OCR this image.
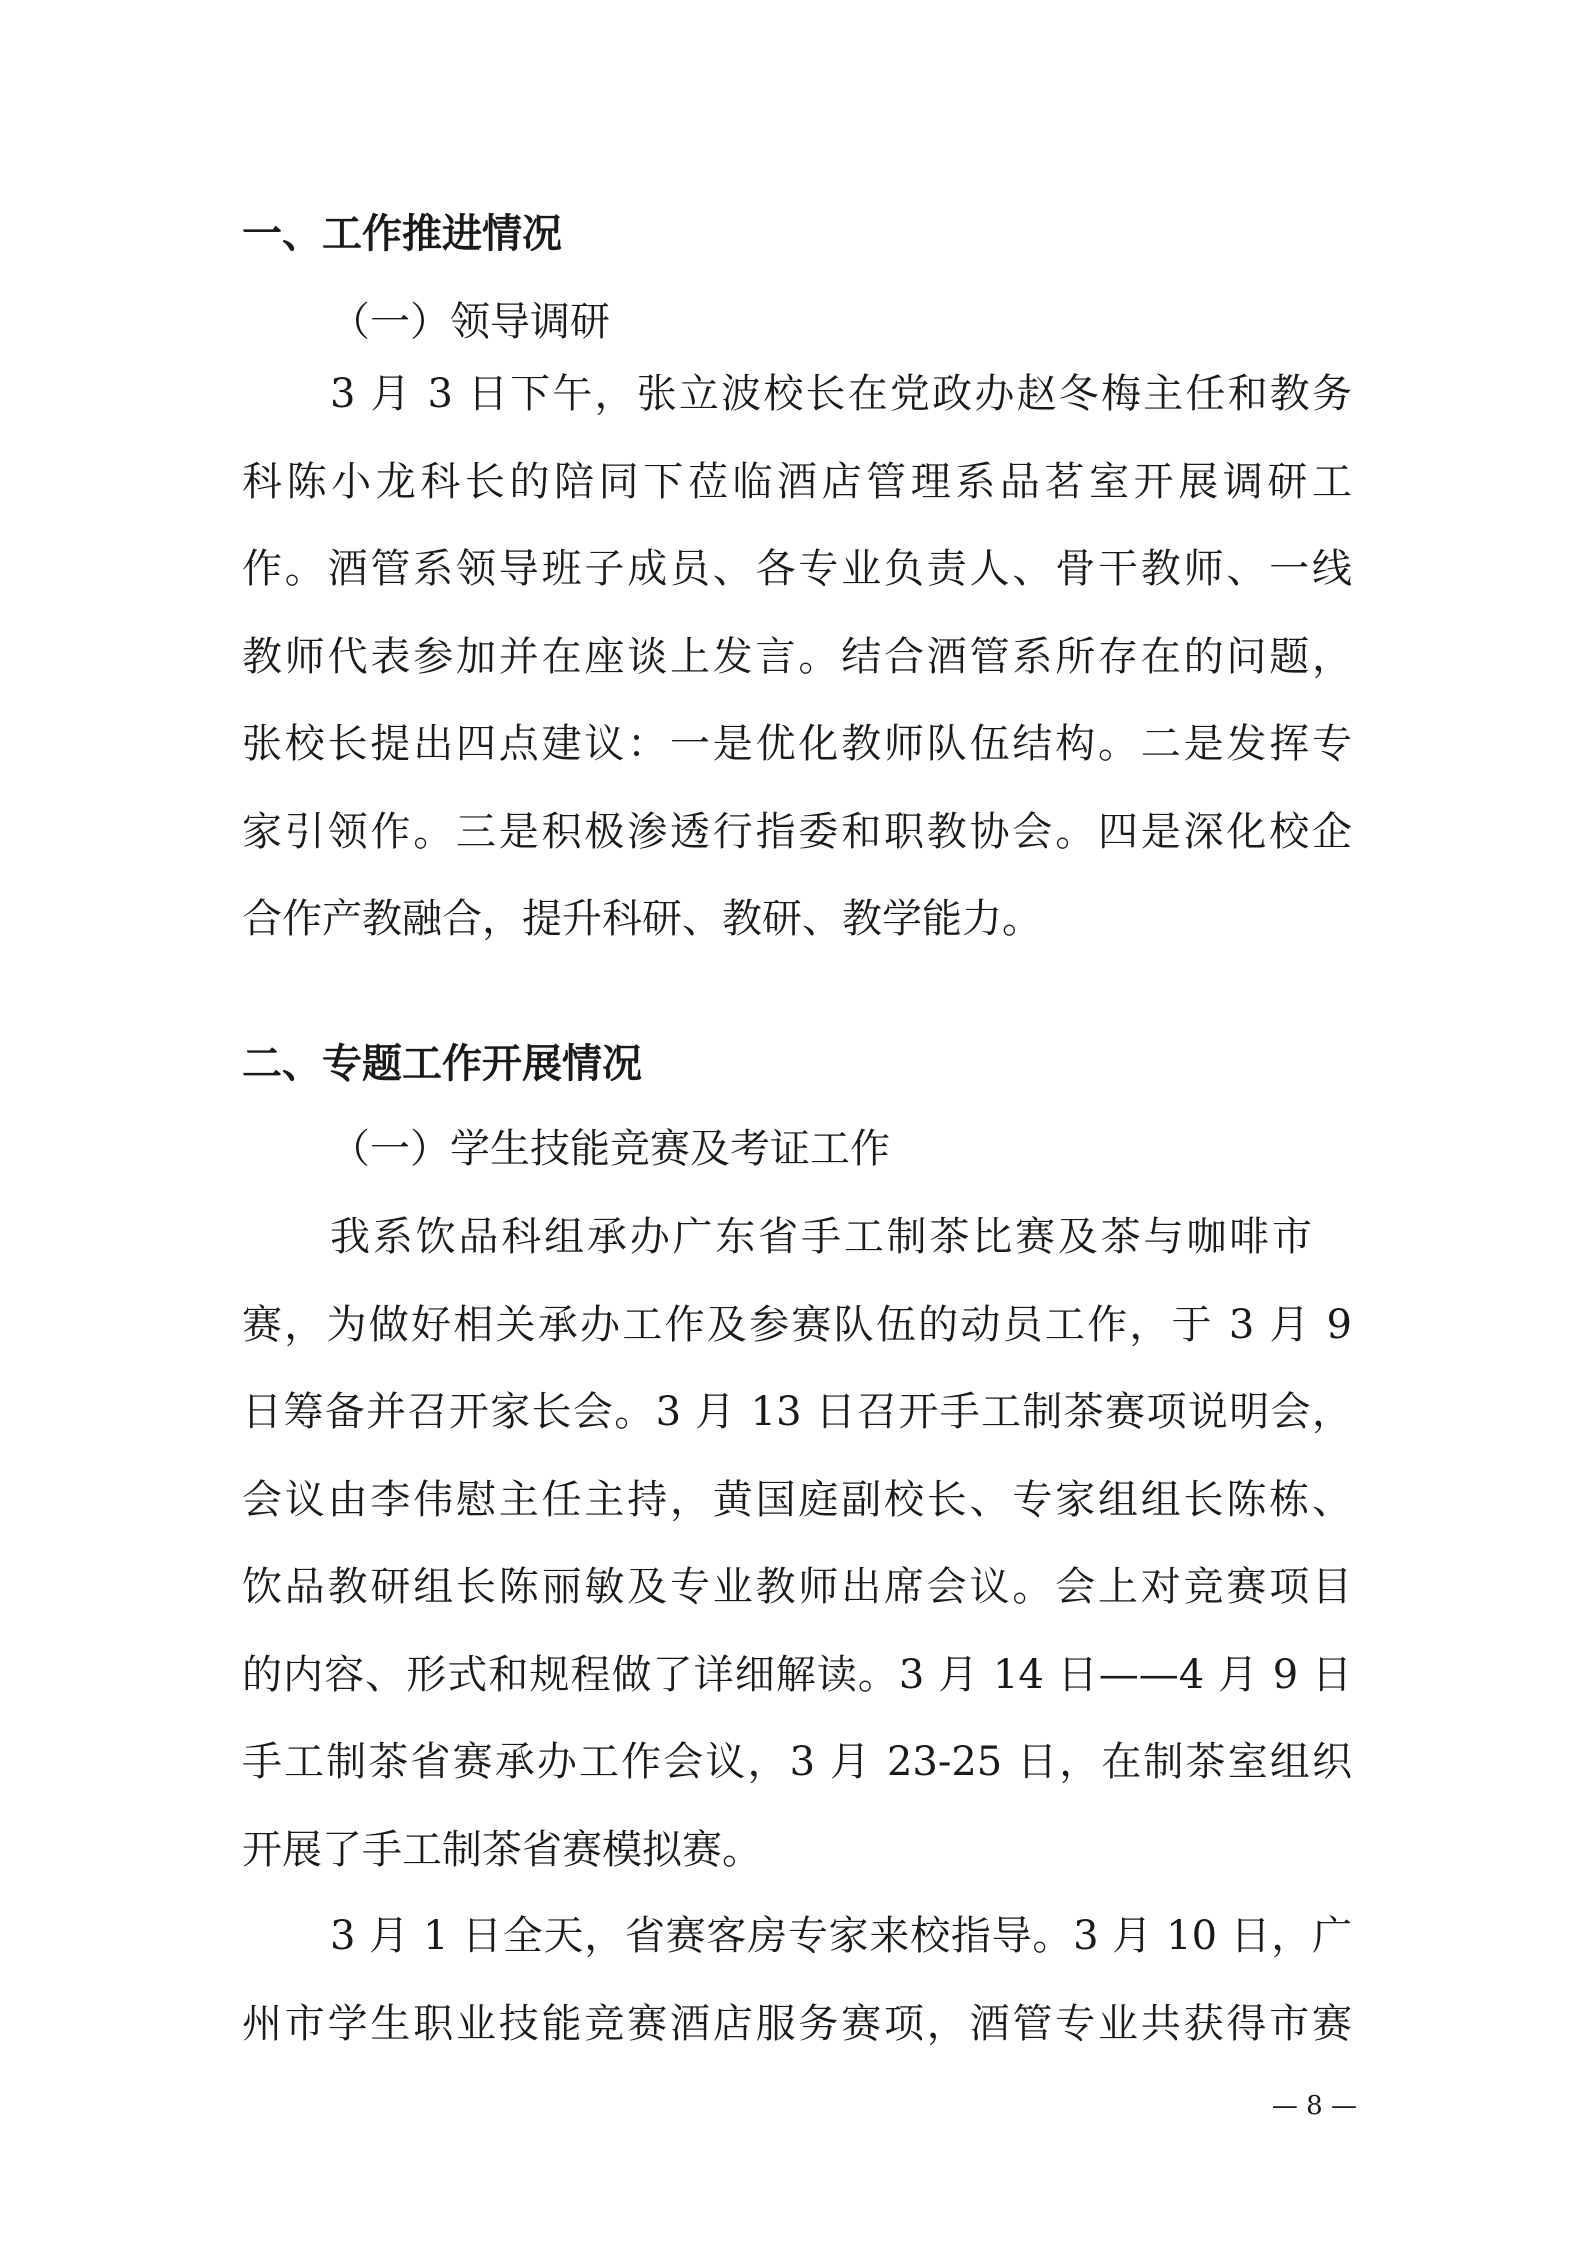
一、工作推进情况
（一）领导调研
3 月 3 日下午，张立波校长在党政办赵冬梅主任和教务
科陈小龙科长的陪同下莅临酒店管理系品茗室开展调研工
作。酒管系领导班子成员、各专业负责人、骨干教师、一线
教师代表参加并在座谈上发言。结合酒管系所存在的问题，
张校长提出四点建议：一是优化教师队伍结构。二是发挥专
家引领作。三是积极渗透行指委和职教协会。四是深化校企
合作产教融合，提升科研、教研、教学能力。
二、专题工作开展情况
（一）学生技能竞赛及考证工作
我系饮品科组承办广东省手工制茶比赛及茶与咖啡市
赛，为做好相关承办工作及参赛队伍的动员工作，于 3 月 9
日筹备并召开家长会。3 月 13 日召开手工制茶赛项说明会，
会议由李伟慰主任主持，黄国庭副校长、专家组组长陈栋、
饮品教研组长陈丽敏及专业教师出席会议。会上对竞赛项目
的内容、形式和规程做了详细解读。3 月 14 日——4 月 9 日
手工制茶省赛承办工作会议，3 月 23-25 日，在制茶室组织
开展了手工制茶省赛模拟赛。
3 月 1 日全天，省赛客房专家来校指导。3 月 10 日，广
州市学生职业技能竞赛酒店服务赛项，酒管专业共获得市赛
— 8 —
